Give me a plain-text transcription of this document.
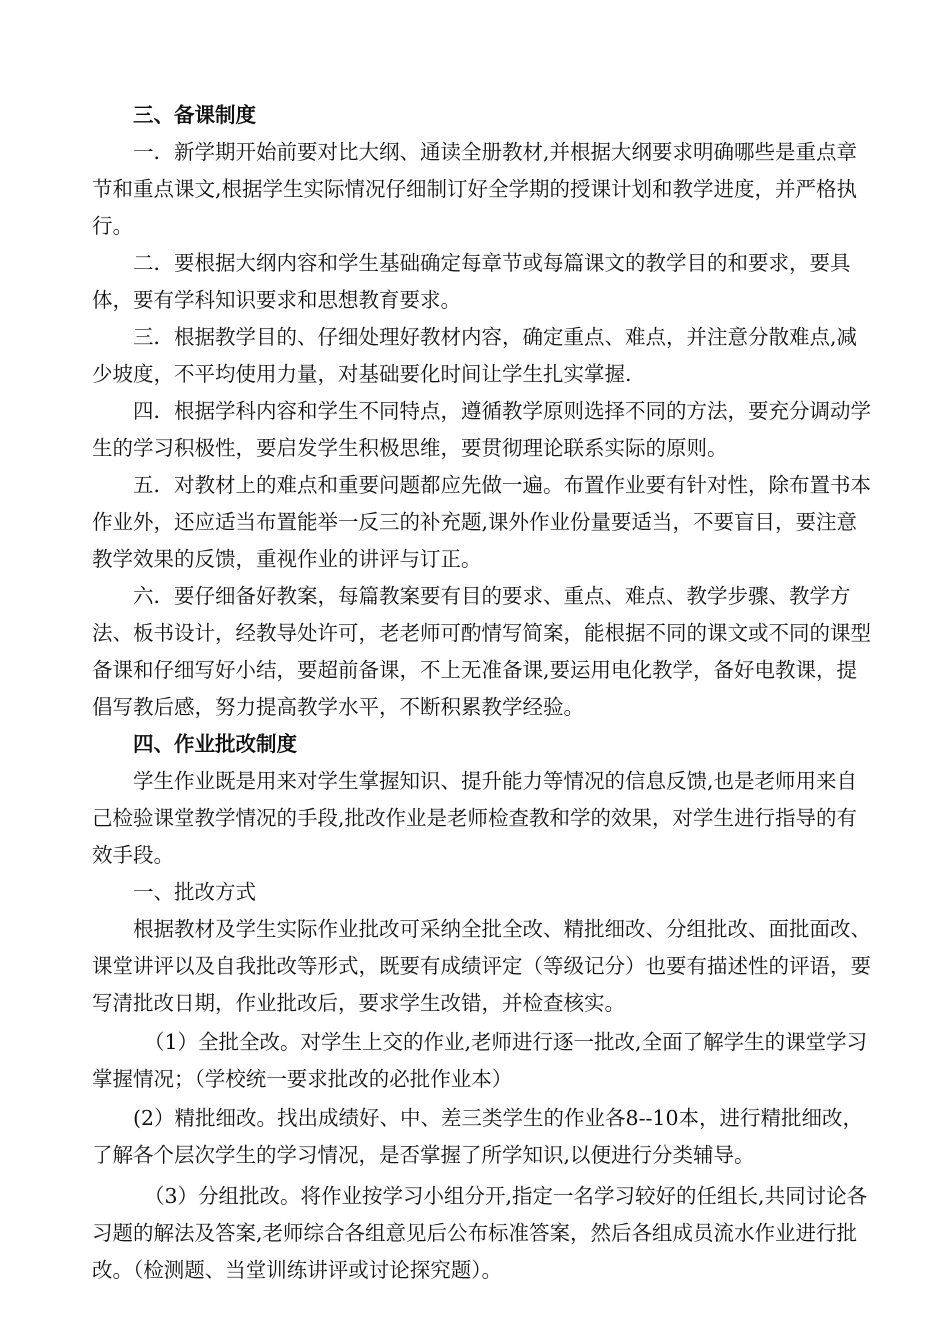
三、备课制度

一．新学期开始前要对比大纲、通读全册教材,并根据大纲要求明确哪些是重点章节和重点课文,根据学生实际情况仔细制订好全学期的授课计划和教学进度，并严格执行。

二．要根据大纲内容和学生基础确定每章节或每篇课文的教学目的和要求，要具体，要有学科知识要求和思想教育要求。

三．根据教学目的、仔细处理好教材内容，确定重点、难点，并注意分散难点,减少坡度，不平均使用力量，对基础要化时间让学生扎实掌握.

四．根据学科内容和学生不同特点，遵循教学原则选择不同的方法，要充分调动学生的学习积极性，要启发学生积极思维，要贯彻理论联系实际的原则。

五．对教材上的难点和重要问题都应先做一遍。布置作业要有针对性，除布置书本作业外，还应适当布置能举一反三的补充题,课外作业份量要适当，不要盲目，要注意教学效果的反馈，重视作业的讲评与订正。

六．要仔细备好教案，每篇教案要有目的要求、重点、难点、教学步骤、教学方法、板书设计，经教导处许可，老老师可酌情写简案，能根据不同的课文或不同的课型备课和仔细写好小结，要超前备课，不上无准备课,要运用电化教学，备好电教课，提倡写教后感，努力提高教学水平，不断积累教学经验。

四、作业批改制度

学生作业既是用来对学生掌握知识、提升能力等情况的信息反馈,也是老师用来自己检验课堂教学情况的手段,批改作业是老师检查教和学的效果，对学生进行指导的有效手段。

一、批改方式

根据教材及学生实际作业批改可采纳全批全改、精批细改、分组批改、面批面改、课堂讲评以及自我批改等形式，既要有成绩评定（等级记分）也要有描述性的评语，要写清批改日期，作业批改后，要求学生改错，并检查核实。

（1）全批全改。对学生上交的作业,老师进行逐一批改,全面了解学生的课堂学习掌握情况；（学校统一要求批改的必批作业本）

(2）精批细改。找出成绩好、中、差三类学生的作业各8--10本，进行精批细改，了解各个层次学生的学习情况，是否掌握了所学知识,以便进行分类辅导。

（3）分组批改。将作业按学习小组分开,指定一名学习较好的任组长,共同讨论各习题的解法及答案,老师综合各组意见后公布标准答案，然后各组成员流水作业进行批改。（检测题、当堂训练讲评或讨论探究题）。
